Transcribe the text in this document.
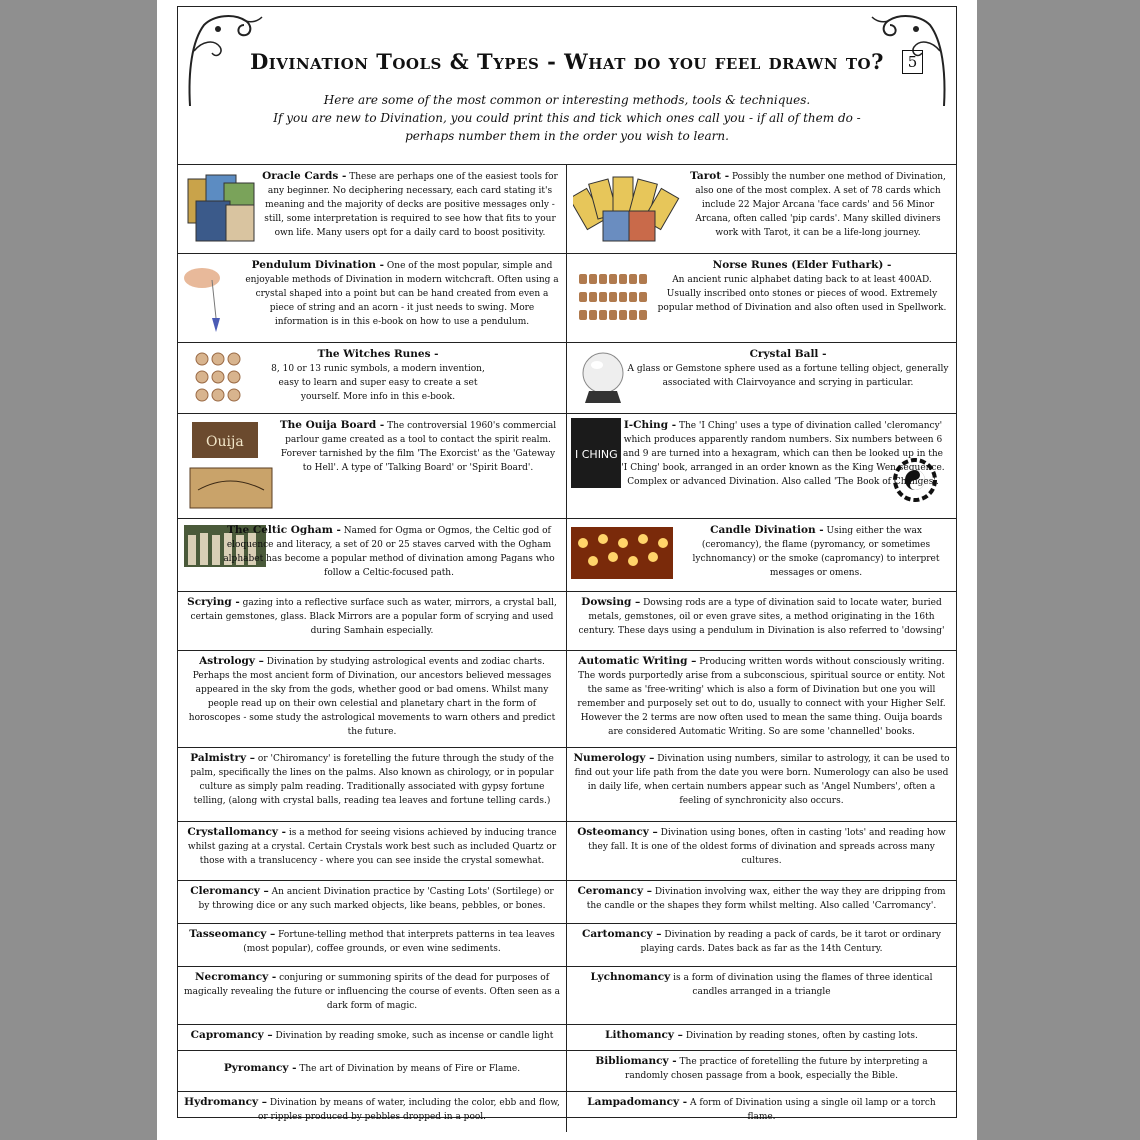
Divination Tools & Types - What do you feel drawn to?	5
Here are some of the most common or interesting methods, tools & techniques.
If you are new to Divination, you could print this and tick which ones call you - if all of them do -
perhaps number them in the order you wish to learn.
Oracle Cards - These are perhaps one of the easiest tools for any beginner. No deciphering necessary, each card stating it's meaning and the majority of decks are positive messages only - still, some interpretation is required to see how that fits to your own life. Many users opt for a daily card to boost positivity.
Tarot - Possibly the number one method of Divination, also one of the most complex. A set of 78 cards which include 22 Major Arcana 'face cards' and 56 Minor Arcana, often called 'pip cards'. Many skilled diviners work with Tarot, it can be a life-long journey.
Pendulum Divination - One of the most popular, simple and enjoyable methods of Divination in modern witchcraft. Often using a crystal shaped into a point but can be hand created from even a piece of string and an acorn - it just needs to swing. More information is in this e-book on how to use a pendulum.
Norse Runes (Elder Futhark) -
An ancient runic alphabet dating back to at least 400AD. Usually inscribed onto stones or pieces of wood. Extremely popular method of Divination and also often used in Spellwork.
The Witches Runes -
8, 10 or 13 runic symbols, a modern invention, easy to learn and super easy to create a set yourself. More info in this e-book.
Crystal Ball -
A glass or Gemstone sphere used as a fortune telling object, generally associated with Clairvoyance and scrying in particular.
Ouija
The Ouija Board - The controversial 1960's commercial parlour game created as a tool to contact the spirit realm. Forever tarnished by the film 'The Exorcist' as the 'Gateway to Hell'. A type of 'Talking Board' or 'Spirit Board'.
I CHING
I-Ching - The 'I Ching' uses a type of divination called 'cleromancy' which produces apparently random numbers. Six numbers between 6 and 9 are turned into a hexagram, which can then be looked up in the 'I Ching' book, arranged in an order known as the King Wen sequence. Complex or advanced Divination. Also called 'The Book of Changes'.
The Celtic Ogham - Named for Ogma or Ogmos, the Celtic god of eloquence and literacy, a set of 20 or 25 staves carved with the Ogham alphabet has become a popular method of divination among Pagans who follow a Celtic-focused path.
Candle Divination - Using either the wax (ceromancy), the flame (pyromancy, or sometimes lychnomancy) or the smoke (capromancy) to interpret messages or omens.
Scrying - gazing into a reflective surface such as water, mirrors, a crystal ball, certain gemstones, glass. Black Mirrors are a popular form of scrying and used during Samhain especially.
Dowsing – Dowsing rods are a type of divination said to locate water, buried metals, gemstones, oil or even grave sites, a method originating in the 16th century. These days using a pendulum in Divination is also referred to 'dowsing'
Astrology – Divination by studying astrological events and zodiac charts. Perhaps the most ancient form of Divination, our ancestors believed messages appeared in the sky from the gods, whether good or bad omens. Whilst many people read up on their own celestial and planetary chart in the form of horoscopes - some study the astrological movements to warn others and predict the future.
Automatic Writing – Producing written words without consciously writing. The words purportedly arise from a subconscious, spiritual source or entity. Not the same as 'free-writing' which is also a form of Divination but one you will remember and purposely set out to do, usually to connect with your Higher Self. However the 2 terms are now often used to mean the same thing. Ouija boards are considered Automatic Writing. So are some 'channelled' books.
Palmistry – or 'Chiromancy' is foretelling the future through the study of the palm, specifically the lines on the palms. Also known as chirology, or in popular culture as simply palm reading. Traditionally associated with gypsy fortune telling, (along with crystal balls, reading tea leaves and fortune telling cards.)
Numerology – Divination using numbers, similar to astrology, it can be used to find out your life path from the date you were born. Numerology can also be used in daily life, when certain numbers appear such as 'Angel Numbers', often a feeling of synchronicity also occurs.
Crystallomancy - is a method for seeing visions achieved by inducing trance whilst gazing at a crystal. Certain Crystals work best such as included Quartz or those with a translucency - where you can see inside the crystal somewhat.
Osteomancy – Divination using bones, often in casting 'lots' and reading how they fall. It is one of the oldest forms of divination and spreads across many cultures.
Cleromancy – An ancient Divination practice by 'Casting Lots' (Sortilege) or by throwing dice or any such marked objects, like beans, pebbles, or bones.
Ceromancy – Divination involving wax, either the way they are dripping from the candle or the shapes they form whilst melting. Also called 'Carromancy'.
Tasseomancy – Fortune-telling method that interprets patterns in tea leaves (most popular), coffee grounds, or even wine sediments.
Cartomancy – Divination by reading a pack of cards, be it tarot or ordinary playing cards. Dates back as far as the 14th Century.
Necromancy - conjuring or summoning spirits of the dead for purposes of magically revealing the future or influencing the course of events. Often seen as a dark form of magic.
Lychnomancy is a form of divination using the flames of three identical candles arranged in a triangle
Capromancy – Divination by reading smoke, such as incense or candle light	Lithomancy – Divination by reading stones, often by casting lots.
Pyromancy - The art of Divination by means of Fire or Flame.
Bibliomancy - The practice of foretelling the future by interpreting a randomly chosen passage from a book, especially the Bible.
Hydromancy – Divination by means of water, including the color, ebb and flow, or ripples produced by pebbles dropped in a pool.
Lampadomancy - A form of Divination using a single oil lamp or a torch flame.
